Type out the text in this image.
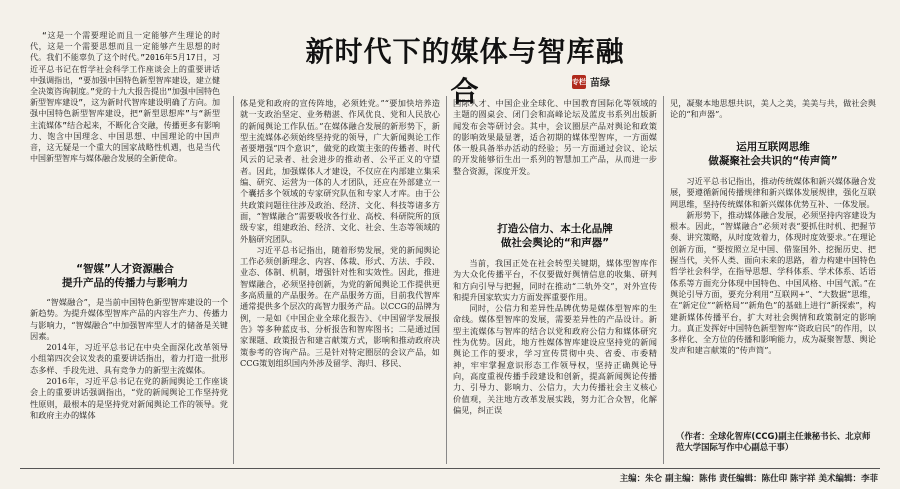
新时代下的媒体与智库融合	专栏 苗绿

“这是一个需要理论而且一定能够产生理论的时代，这是一个需要思想而且一定能够产生思想的时代。我们不能辜负了这个时代。”2016年5月17日，习近平总书记在哲学社会科学工作座谈会上的重要讲话中强调指出，“要加强中国特色新型智库建设，建立健全决策咨询制度。”党的十九大报告提出“加强中国特色新型智库建设”，这为新时代智库建设明确了方向。加强中国特色新型智库建设，把“新型思想库”与“新型主流媒体”结合起来，不断化合交融，传播更多有影响力、饱含中国理念、中国思想、中国理论的中国声音，这无疑是一个重大的国家战略性机遇，也是当代中国新型智库与媒体融合发展的全新使命。

“智媒”人才资源融合
提升产品的传播力与影响力

“智媒融合”，是当前中国特色新型智库建设的一个新趋势。为提升媒体型智库产品的内容生产力、传播力与影响力，“智媒融合”中加强智库型人才的储备是关键因素。

2014年，习近平总书记在中央全面深化改革领导小组第四次会议发表的重要讲话指出，着力打造一批形态多样、手段先进、具有竞争力的新型主流媒体。

2016年，习近平总书记在党的新闻舆论工作座谈会上的重要讲话强调指出，“党的新闻舆论工作坚持党性原则，最根本的是坚持党对新闻舆论工作的领导。党和政府主办的媒体

体是党和政府的宣传阵地，必须姓党。”“要加快培养造就一支政治坚定、业务精湛、作风优良、党和人民放心的新闻舆论工作队伍。”在媒体融合发展的新形势下，新型主流媒体必须始终坚持党的领导，广大新闻舆论工作者要增强“四个意识”，做党的政策主张的传播者、时代风云的记录者、社会进步的推动者、公平正义的守望者。因此，加强媒体人才建设，不仅应在内部建立集采编、研究、运营为一体的人才团队，还应在外部建立一个囊括多个领域的专家研究队伍和专家人才库。由于公共政策问题往往涉及政治、经济、文化、科技等诸多方面，“智媒融合”需要吸收各行业、高校、科研院所的顶级专家，组建政治、经济、文化、社会、生态等领域的外脑研究团队。

习近平总书记指出，随着形势发展，党的新闻舆论工作必须创新理念、内容、体裁、形式、方法、手段、业态、体制、机制，增强针对性和实效性。因此，推进智媒融合，必须坚持创新，为党的新闻舆论工作提供更多高质量的产品服务。在产品服务方面，目前我代智库通常提供多个层次的高智力服务产品。以CCG的品牌为例，一是如《中国企业全球化报告》、《中国留学发展报告》等多种蓝皮书、分析报告和智库图书；二是通过国家课题、政策报告和建言献策方式，影响和推动政府决策参考的咨询产品。三是针对特定圈层的会议产品，如CCG策划组织国内外涉及留学、海归、移民、

国际人才、中国企业全球化、中国教育国际化等领域的主题的圆桌会、闭门会和高峰论坛及蓝皮书系列出版新闻发布会等研讨会。其中，会议圈层产品对舆论和政策的影响效果最显著，适合初期的媒体型智库，一方面媒体一般具备举办活动的经验；另一方面通过会议、论坛的开发能够衍生出一系列的智慧加工产品，从而进一步整合资源，深度开发。

打造公信力、本土化品牌
做社会舆论的“和声器”

当前，我国正处在社会转型关键期，媒体型智库作为大众化传播平台，不仅要做好舆情信息的收集、研判和方向引导与把握，同时在推动“二轨外交”，对外宣传和提升国家软实力方面发挥重要作用。

同时，公信力和差异性品牌优势是媒体型智库的生命线。媒体型智库的发展，需要差异性的产品设计。新型主流媒体与智库的结合以党和政府公信力和媒体研究性为优势。因此，地方性媒体智库建设应坚持党的新闻舆论工作的要求，学习宣传贯彻中央、省委、市委精神，牢牢掌握意识形态工作领导权，坚持正确舆论导向，高度重视传播手段建设和创新，提高新闻舆论传播力、引导力、影响力、公信力，大力传播社会主义核心价值观，关注地方改革发展实践，努力汇合众智，化解偏见，纠正误

见，凝聚本地思想共识，美人之美，美美与共，做社会舆论的“和声器”。

运用互联网思维
做凝聚社会共识的“传声筒”

习近平总书记指出，推动传统媒体和新兴媒体融合发展，要遵循新闻传播规律和新兴媒体发展规律，强化互联网思维，坚持传统媒体和新兴媒体优势互补、一体发展。

新形势下，推动媒体融合发展，必须坚持内容建设为根本。因此，“智媒融合”必须对表“要抓住时机、把握节奏、讲究策略，从时度效着力，体现时度效要求。”在理论创新方面，“要按照立足中国、借鉴国外、挖掘历史、把握当代，关怀人类、面向未来的思路，着力构建中国特色哲学社会科学，在指导思想、学科体系、学术体系、话语体系等方面充分体现中国特色、中国风格、中国气派。”在舆论引导方面，要充分利用“互联网+”、“大数据”思维，在“新定位”“新格局”“新角色”的基础上进行“新探索”，构建新媒体传播平台，扩大对社会舆情和政策制定的影响力。真正发挥好中国特色新型智库“资政启民”的作用，以多样化、全方位的传播和影响能力，成为凝聚智慧、舆论发声和建言献策的“传声筒”。

（作者：全球化智库(CCG)副主任兼秘书长、北京师范大学国际写作中心副总干事）
主编：朱仑 副主编：陈伟 责任编辑：陈仕印 陈宇祥 美术编辑：李菲
